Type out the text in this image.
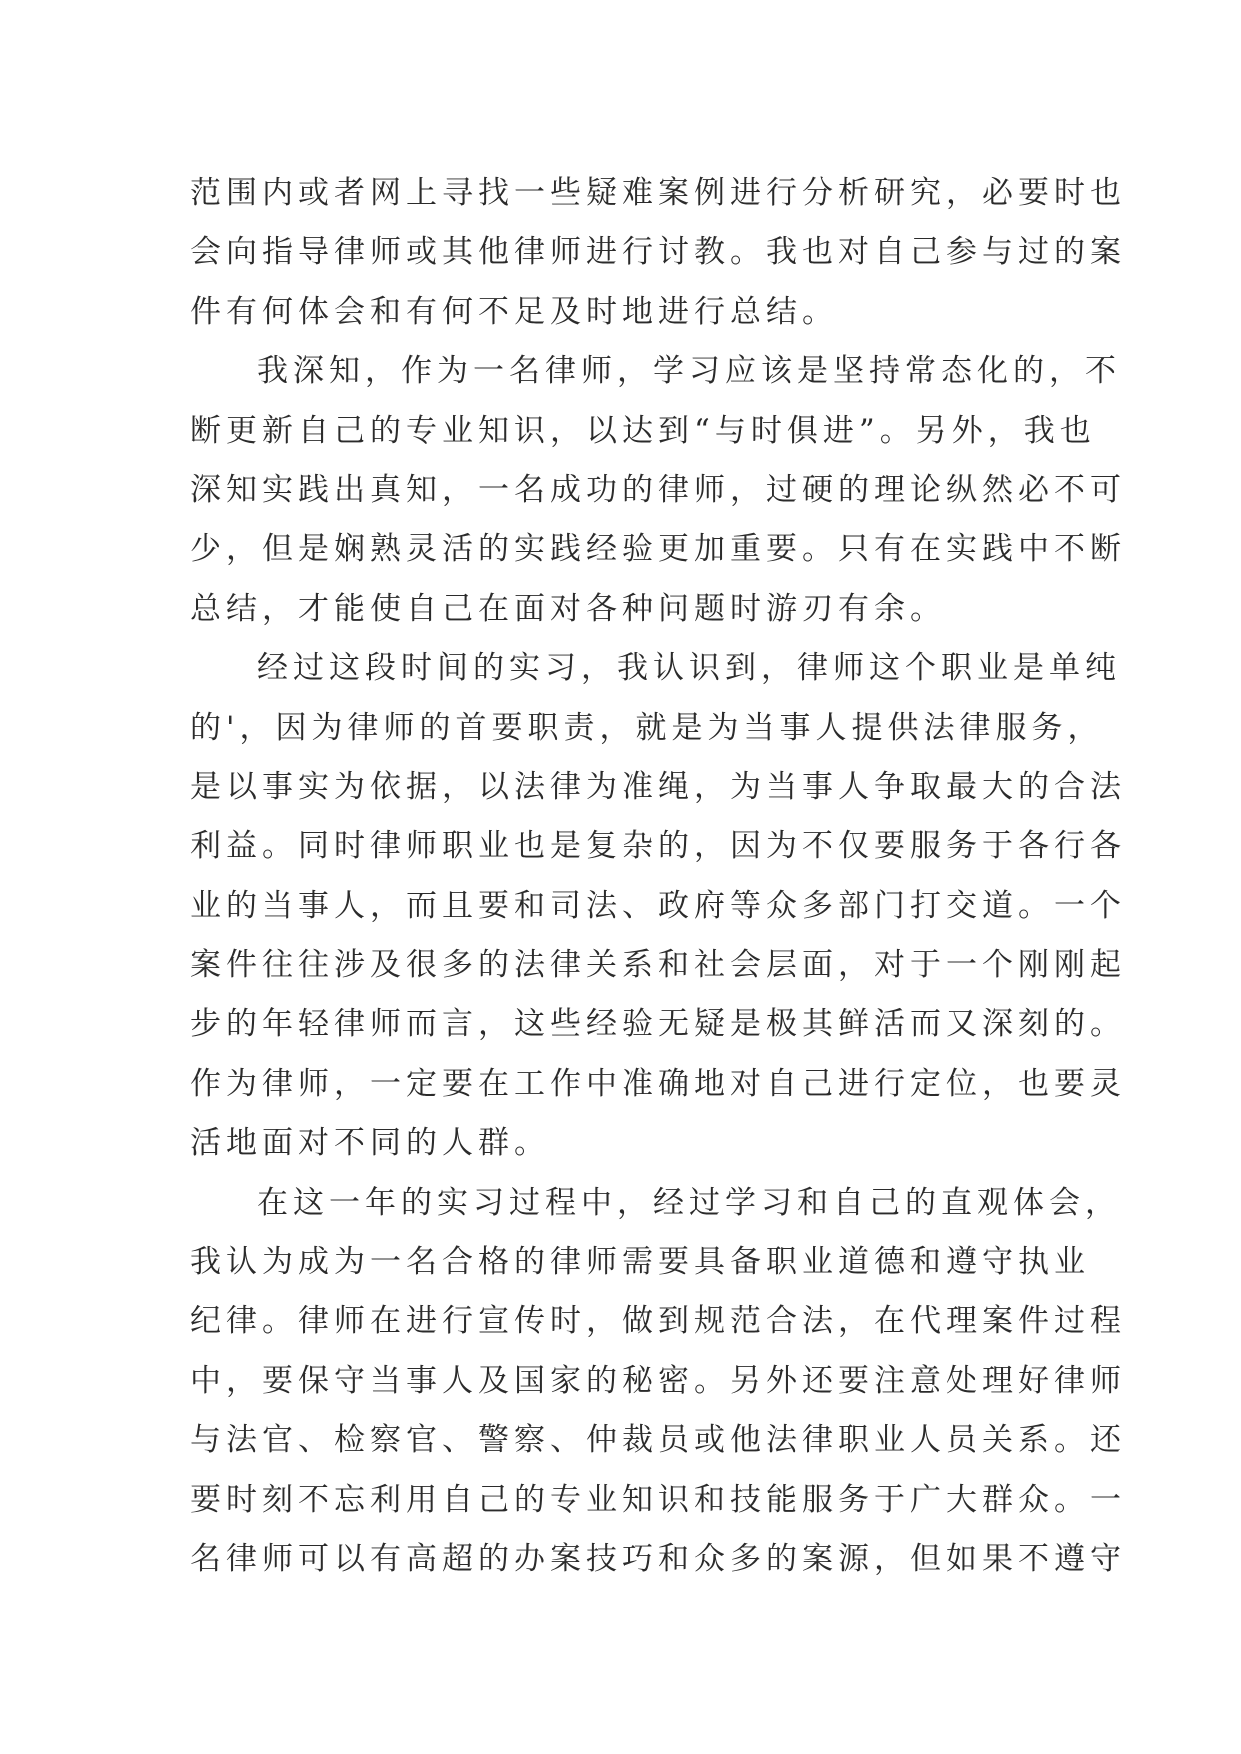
范围内或者网上寻找一些疑难案例进行分析研究，必要时也
会向指导律师或其他律师进行讨教。我也对自己参与过的案
件有何体会和有何不足及时地进行总结。
我深知，作为一名律师，学习应该是坚持常态化的，不
断更新自己的专业知识，以达到“与时俱进”。另外，我也
深知实践出真知，一名成功的律师，过硬的理论纵然必不可
少，但是娴熟灵活的实践经验更加重要。只有在实践中不断
总结，才能使自己在面对各种问题时游刃有余。
经过这段时间的实习，我认识到，律师这个职业是单纯
的'，因为律师的首要职责，就是为当事人提供法律服务，
是以事实为依据，以法律为准绳，为当事人争取最大的合法
利益。同时律师职业也是复杂的，因为不仅要服务于各行各
业的当事人，而且要和司法、政府等众多部门打交道。一个
案件往往涉及很多的法律关系和社会层面，对于一个刚刚起
步的年轻律师而言，这些经验无疑是极其鲜活而又深刻的。
作为律师，一定要在工作中准确地对自己进行定位，也要灵
活地面对不同的人群。
在这一年的实习过程中，经过学习和自己的直观体会，
我认为成为一名合格的律师需要具备职业道德和遵守执业
纪律。律师在进行宣传时，做到规范合法，在代理案件过程
中，要保守当事人及国家的秘密。另外还要注意处理好律师
与法官、检察官、警察、仲裁员或他法律职业人员关系。还
要时刻不忘利用自己的专业知识和技能服务于广大群众。一
名律师可以有高超的办案技巧和众多的案源，但如果不遵守
